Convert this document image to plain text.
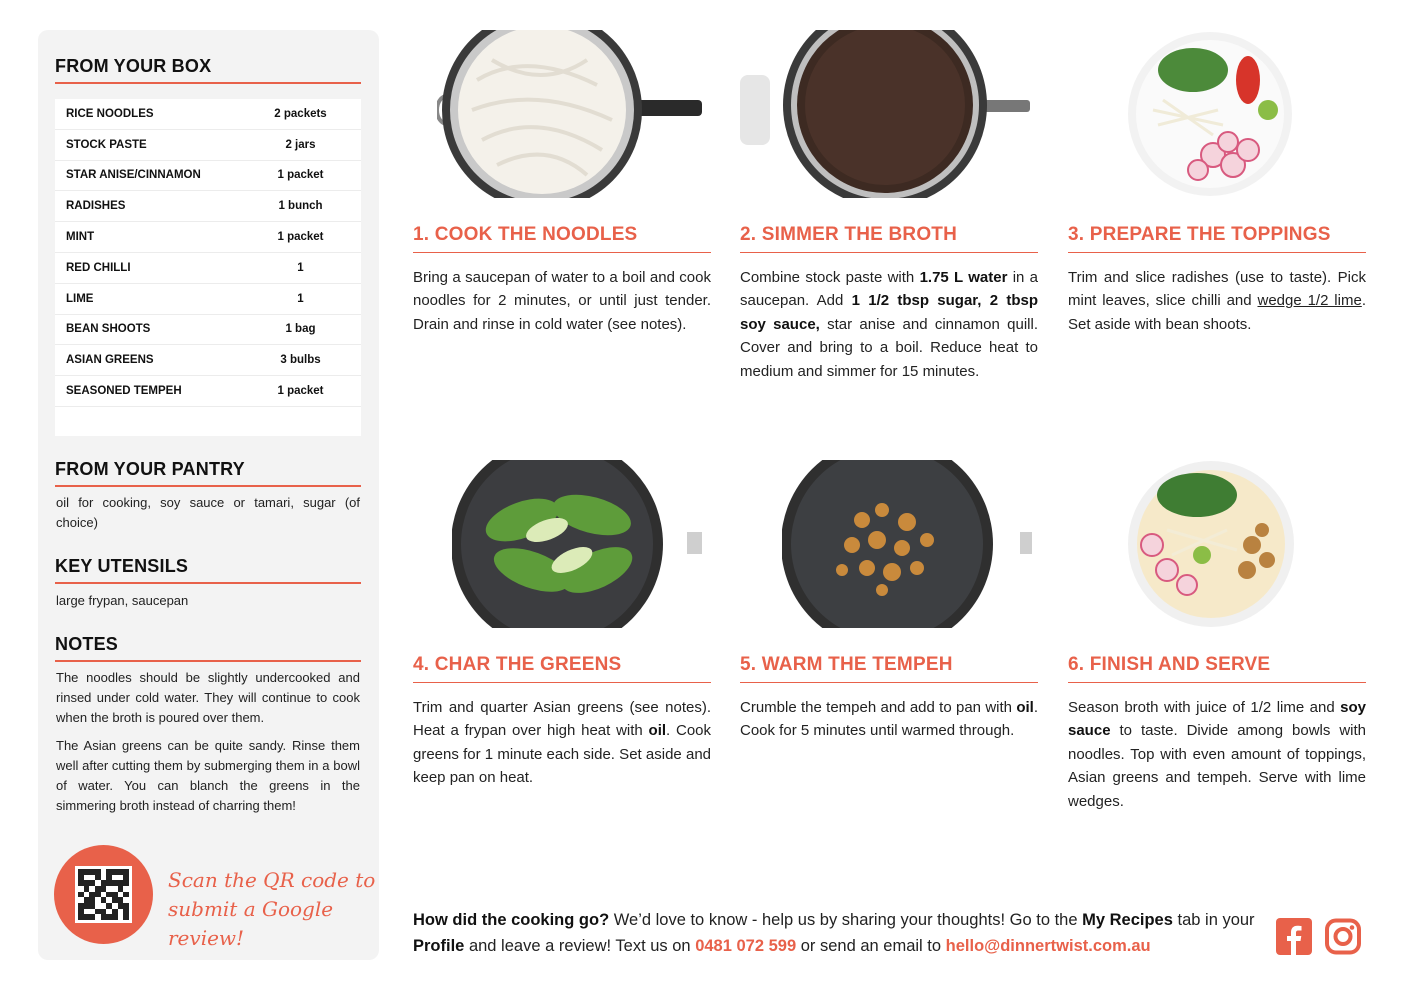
FROM YOUR BOX
RICE NOODLES	2 packets
STOCK PASTE	2 jars
STAR ANISE/CINNAMON	1 packet
RADISHES	1 bunch
MINT	1 packet
RED CHILLI	1
LIME	1
BEAN SHOOTS	1 bag
ASIAN GREENS	3 bulbs
SEASONED TEMPEH	1 packet
FROM YOUR PANTRY
oil for cooking, soy sauce or tamari, sugar (of choice)
KEY UTENSILS
large frypan, saucepan
NOTES
The noodles should be slightly undercooked and rinsed under cold water. They will continue to cook when the broth is poured over them.
The Asian greens can be quite sandy. Rinse them well after cutting them by submerging them in a bowl of water. You can blanch the greens in the simmering broth instead of charring them!
Scan the QR code to
submit a Google review!
1. COOK THE NOODLES
Bring a saucepan of water to a boil and cook noodles for 2 minutes, or until just tender. Drain and rinse in cold water (see notes).
2. SIMMER THE BROTH
Combine stock paste with 1.75 L water in a saucepan. Add 1 1/2 tbsp sugar, 2 tbsp soy sauce, star anise and cinnamon quill. Cover and bring to a boil. Reduce heat to medium and simmer for 15 minutes.
3. PREPARE THE TOPPINGS
Trim and slice radishes (use to taste). Pick mint leaves, slice chilli and wedge 1/2 lime. Set aside with bean shoots.
4. CHAR THE GREENS
Trim and quarter Asian greens (see notes). Heat a frypan over high heat with oil. Cook greens for 1 minute each side. Set aside and keep pan on heat.
5. WARM THE TEMPEH
Crumble the tempeh and add to pan with oil. Cook for 5 minutes until warmed through.
6. FINISH AND SERVE
Season broth with juice of 1/2 lime and soy sauce to taste. Divide among bowls with noodles. Top with even amount of toppings, Asian greens and tempeh. Serve with lime wedges.
How did the cooking go? We’d love to know - help us by sharing your thoughts! Go to the My Recipes tab in your Profile and leave a review! Text us on 0481 072 599 or send an email to hello@dinnertwist.com.au
